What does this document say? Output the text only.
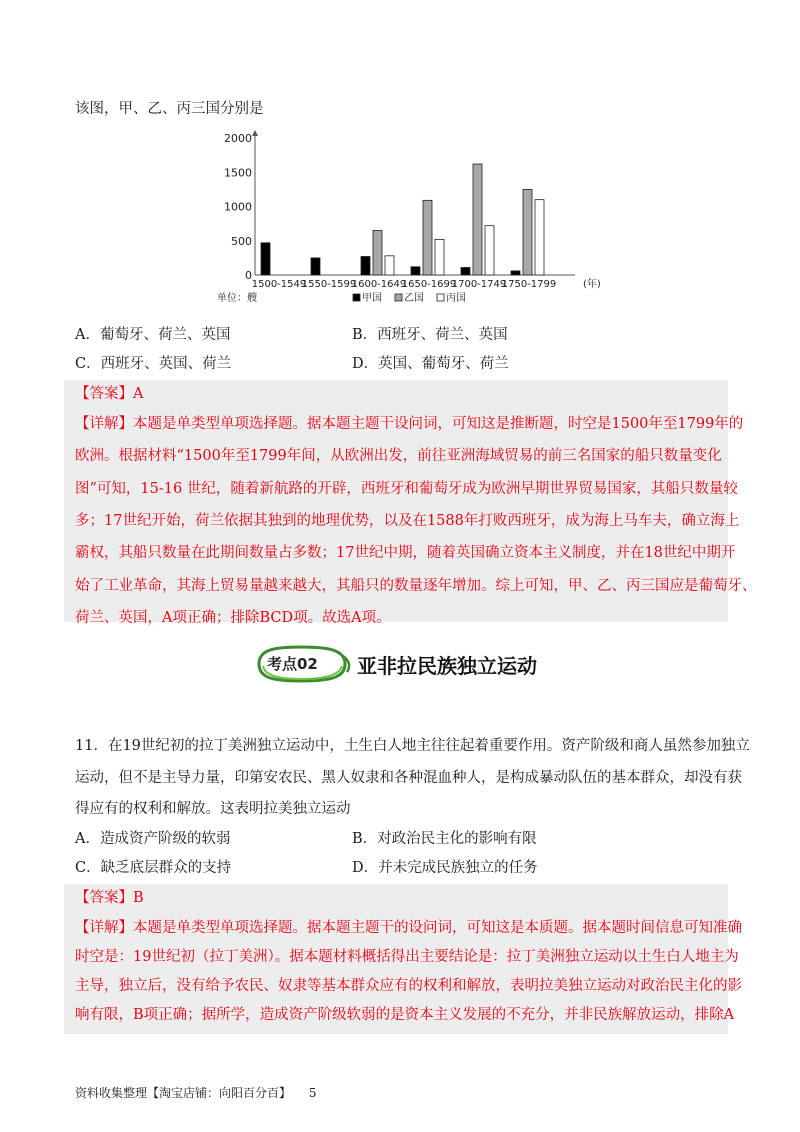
该图，甲、乙、丙三国分别是
0
500
1000
1500
2000
1500-1549
1550-1599
1600-1649
1650-1699
1700-1749
1750-1799	(年)
单位：艘	甲国 乙国 丙国
A．葡萄牙、荷兰、英国	B．西班牙、荷兰、英国
C．西班牙、英国、荷兰	D．英国、葡萄牙、荷兰
【答案】A
【详解】本题是单类型单项选择题。据本题主题干设问词，可知这是推断题，时空是1500年至1799年的
欧洲。根据材料“1500年至1799年间，从欧洲出发，前往亚洲海域贸易的前三名国家的船只数量变化
图”可知，15-16 世纪，随着新航路的开辟，西班牙和葡萄牙成为欧洲早期世界贸易国家，其船只数量较
多；17世纪开始，荷兰依据其独到的地理优势，以及在1588年打败西班牙，成为海上马车夫，确立海上
霸权，其船只数量在此期间数量占多数；17世纪中期，随着英国确立资本主义制度，并在18世纪中期开
始了工业革命，其海上贸易量越来越大，其船只的数量逐年增加。综上可知，甲、乙、丙三国应是葡萄牙、
荷兰、英国，A项正确；排除BCD项。故选A项。
考点02 亚非拉民族独立运动
11．在19世纪初的拉丁美洲独立运动中，土生白人地主往往起着重要作用。资产阶级和商人虽然参加独立
运动，但不是主导力量，印第安农民、黑人奴隶和各种混血种人，是构成暴动队伍的基本群众，却没有获
得应有的权利和解放。这表明拉美独立运动
A．造成资产阶级的软弱	B．对政治民主化的影响有限
C．缺乏底层群众的支持	D．并未完成民族独立的任务
【答案】B
【详解】本题是单类型单项选择题。据本题主题干的设问词，可知这是本质题。据本题时间信息可知准确
时空是：19世纪初（拉丁美洲）。据本题材料概括得出主要结论是：拉丁美洲独立运动以土生白人地主为
主导，独立后，没有给予农民、奴隶等基本群众应有的权利和解放，表明拉美独立运动对政治民主化的影
响有限，B项正确；据所学，造成资产阶级软弱的是资本主义发展的不充分，并非民族解放运动，排除A
资料收集整理【淘宝店铺：向阳百分百】 5
